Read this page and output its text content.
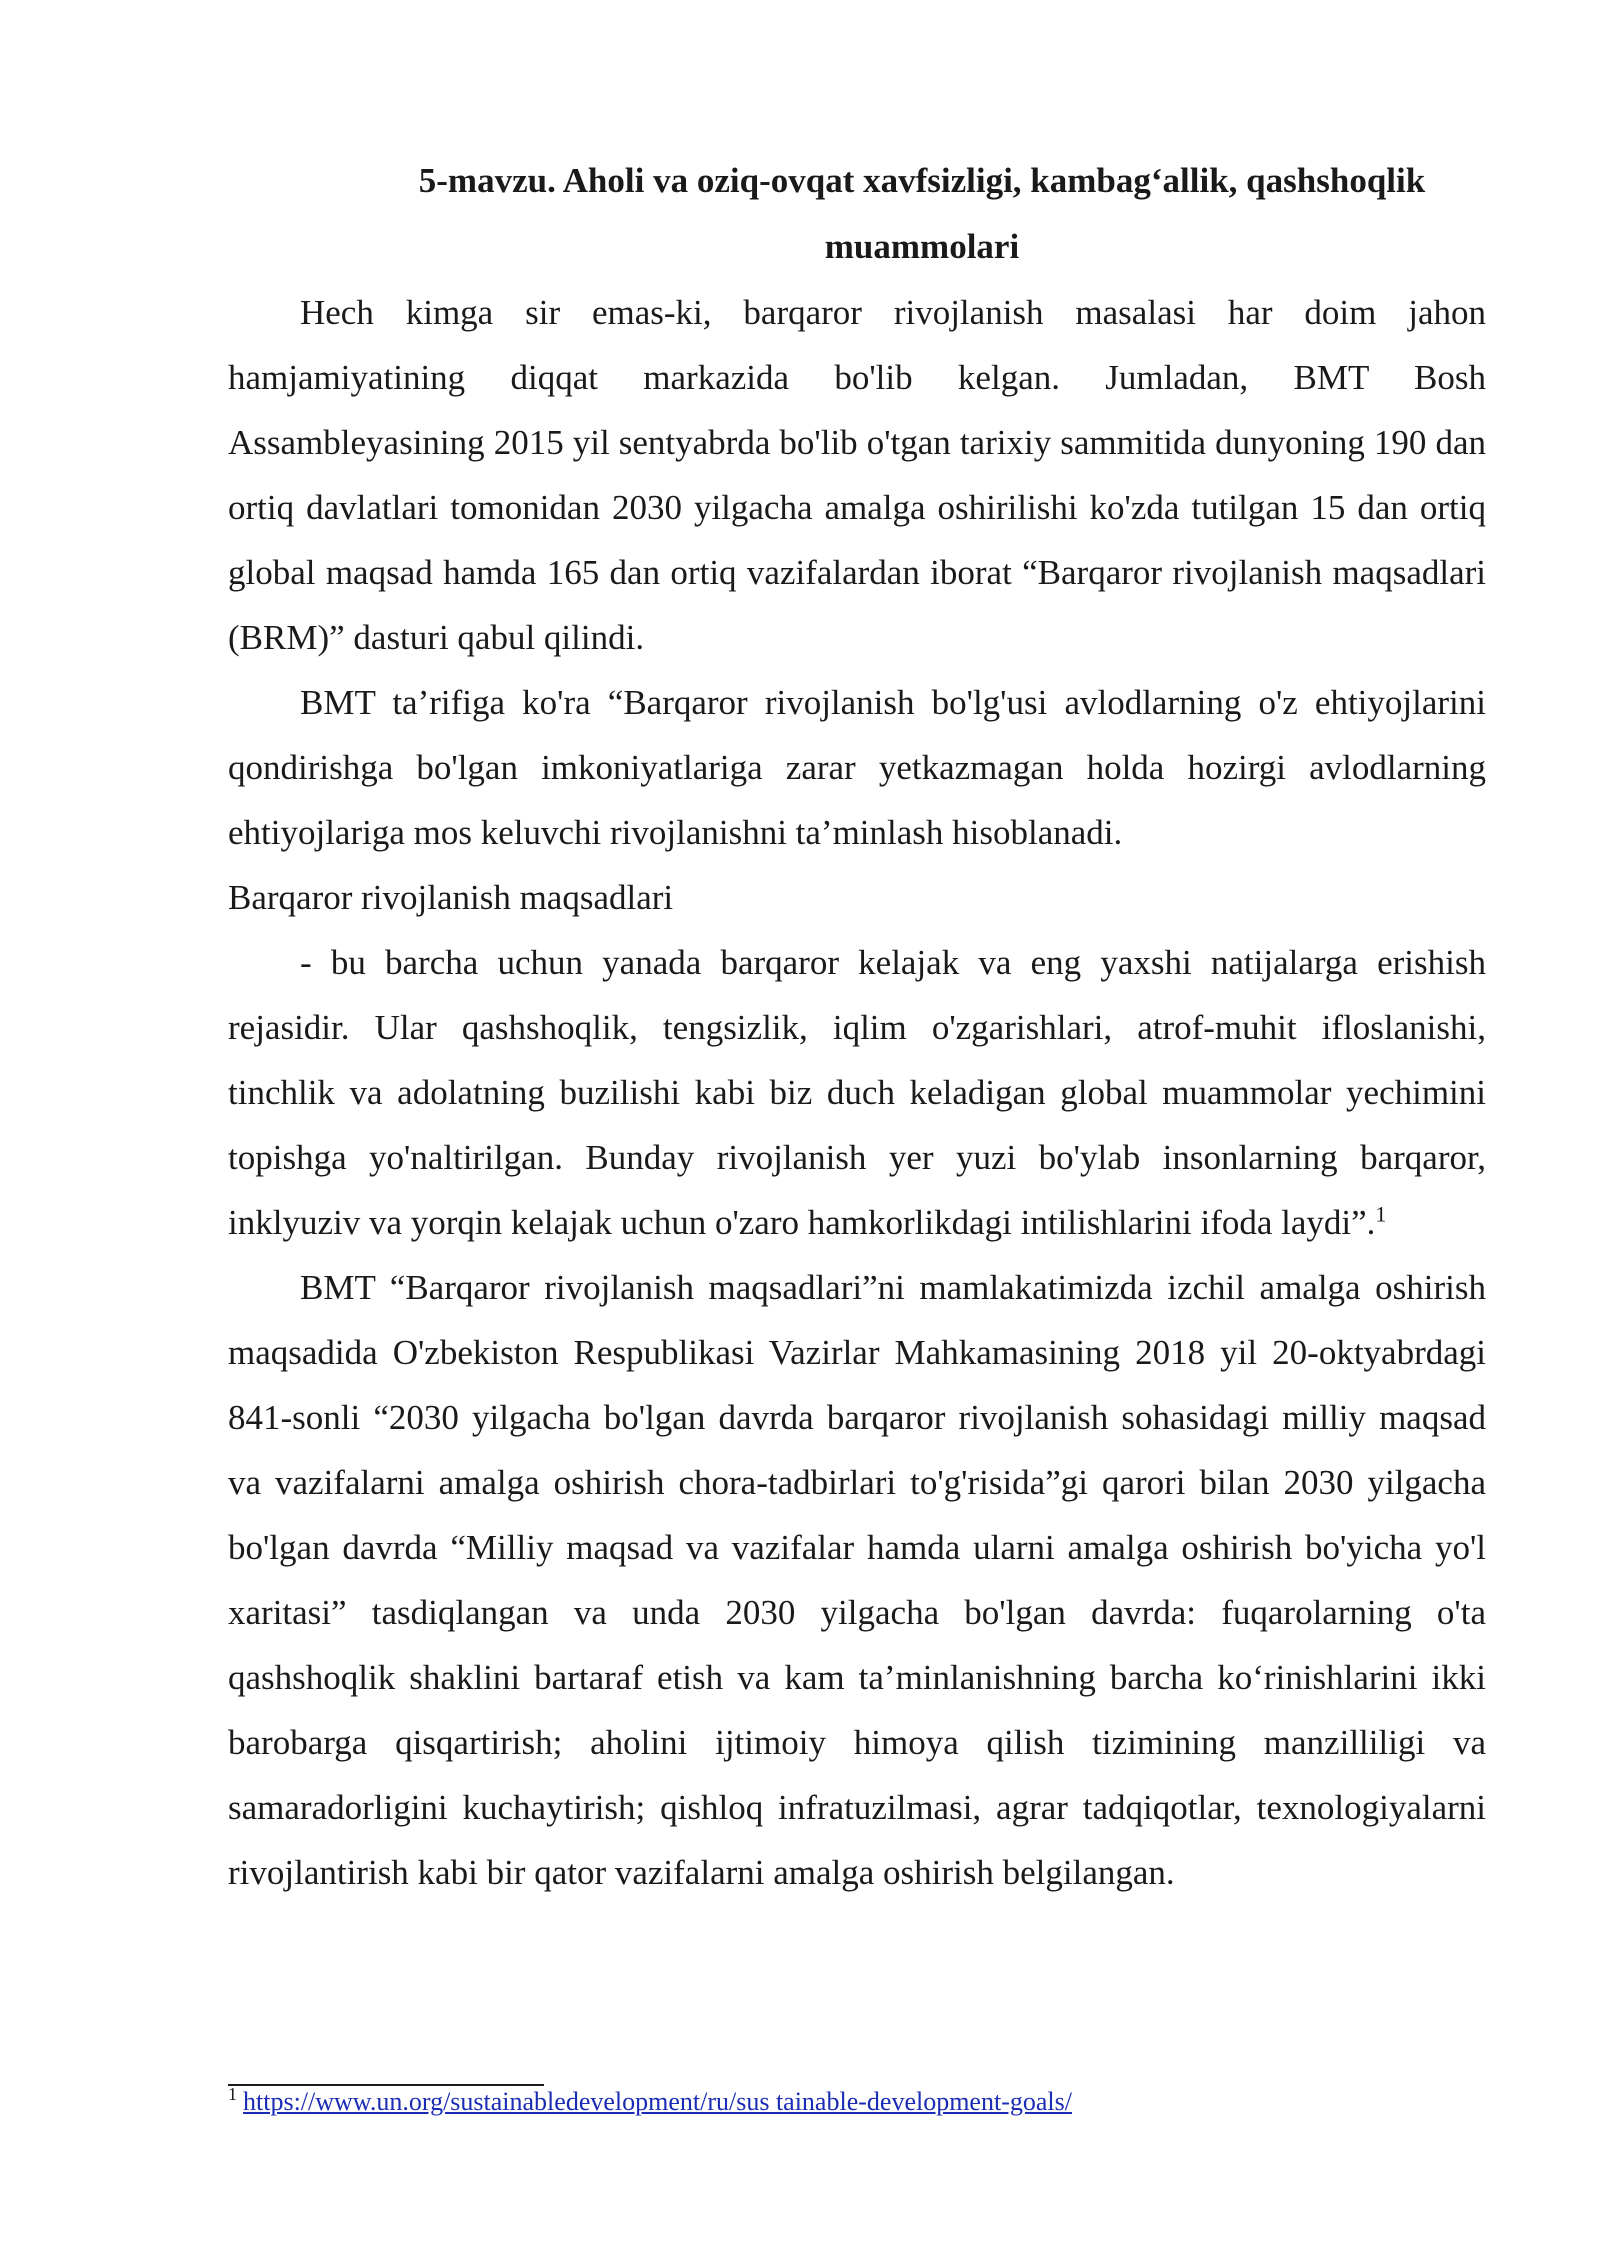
5-mavzu. Aholi va oziq-ovqat xavfsizligi, kambag‘allik, qashshoqlik muammolari

Hech kimga sir emas-ki, barqaror rivojlanish masalasi har doim jahon hamjamiyatining diqqat markazida bo'lib kelgan. Jumladan, BMT Bosh Assambleyasining 2015 yil sentyabrda bo'lib o'tgan tarixiy sammitida dunyoning 190 dan ortiq davlatlari tomonidan 2030 yilgacha amalga oshirilishi ko'zda tutilgan 15 dan ortiq global maqsad hamda 165 dan ortiq vazifalardan iborat “Barqaror rivojlanish maqsadlari (BRM)” dasturi qabul qilindi.

BMT ta’rifiga ko'ra “Barqaror rivojlanish bo'lg'usi avlodlarning o'z ehtiyojlarini qondirishga bo'lgan imkoniyatlariga zarar yetkazmagan holda hozirgi avlodlarning ehtiyojlariga mos keluvchi rivojlanishni ta’minlash hisoblanadi.

Barqaror rivojlanish maqsadlari

- bu barcha uchun yanada barqaror kelajak va eng yaxshi natijalarga erishish rejasidir. Ular qashshoqlik, tengsizlik, iqlim o'zgarishlari, atrof-muhit ifloslanishi, tinchlik va adolatning buzilishi kabi biz duch keladigan global muammolar yechimini topishga yo'naltirilgan. Bunday rivojlanish yer yuzi bo'ylab insonlarning barqaror, inklyuziv va yorqin kelajak uchun o'zaro hamkorlikdagi intilishlarini ifoda laydi”.$^1$

BMT “Barqaror rivojlanish maqsadlari”ni mamlakatimizda izchil amalga oshirish maqsadida O'zbekiston Respublikasi Vazirlar Mahkamasining 2018 yil 20-oktyabrdagi 841-sonli “2030 yilgacha bo'lgan davrda barqaror rivojlanish sohasidagi milliy maqsad va vazifalarni amalga oshirish chora-tadbirlari to'g'risida”gi qarori bilan 2030 yilgacha bo'lgan davrda “Milliy maqsad va vazifalar hamda ularni amalga oshirish bo'yicha yo'l xaritasi” tasdiqlangan va unda 2030 yilgacha bo'lgan davrda: fuqarolarning o'ta qashshoqlik shaklini bartaraf etish va kam ta’minlanishning barcha ko‘rinishlarini ikki barobarga qisqartirish; aholini ijtimoiy himoya qilish tizimining manzilliligi va samaradorligini kuchaytirish; qishloq infratuzilmasi, agrar tadqiqotlar, texnologiyalarni rivojlantirish kabi bir qator vazifalarni amalga oshirish belgilangan.

$^1$ https://www.un.org/sustainabledevelopment/ru/sus tainable-development-goals/
